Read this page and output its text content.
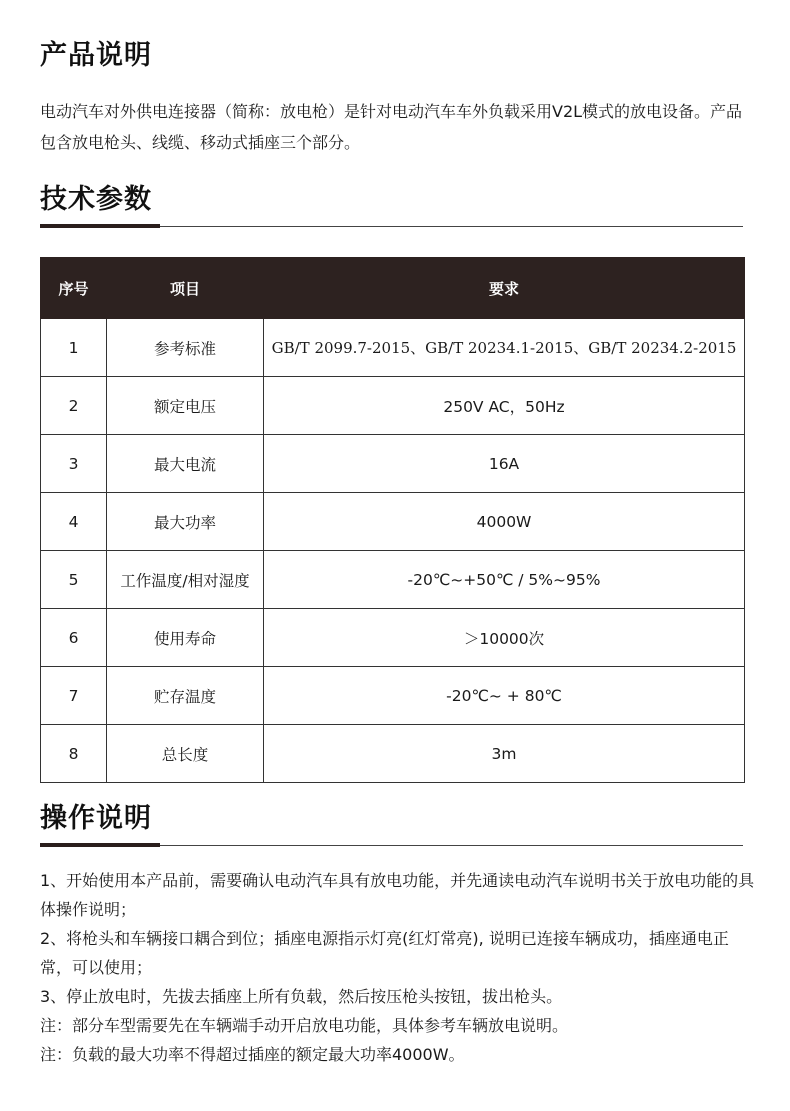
产品说明

电动汽车对外供电连接器（简称：放电枪）是针对电动汽车车外负载采用V2L模式的放电设备。产品包含放电枪头、线缆、移动式插座三个部分。

技术参数
序号	项目	要求
1	参考标准	GB/T 2099.7-2015、GB/T 20234.1-2015、GB/T 20234.2-2015
2	额定电压	250V AC，50Hz
3	最大电流	16A
4	最大功率	4000W
5	工作温度/相对湿度	-20℃~+50℃ / 5%~95%
6	使用寿命	＞10000次
7	贮存温度	-20℃~ + 80℃
8	总长度	3m
操作说明

1、开始使用本产品前，需要确认电动汽车具有放电功能，并先通读电动汽车说明书关于放电功能的具体操作说明；

2、将枪头和车辆接口耦合到位；插座电源指示灯亮(红灯常亮), 说明已连接车辆成功，插座通电正常，可以使用；

3、停止放电时，先拔去插座上所有负载，然后按压枪头按钮，拔出枪头。

注：部分车型需要先在车辆端手动开启放电功能，具体参考车辆放电说明。

注：负载的最大功率不得超过插座的额定最大功率4000W。
